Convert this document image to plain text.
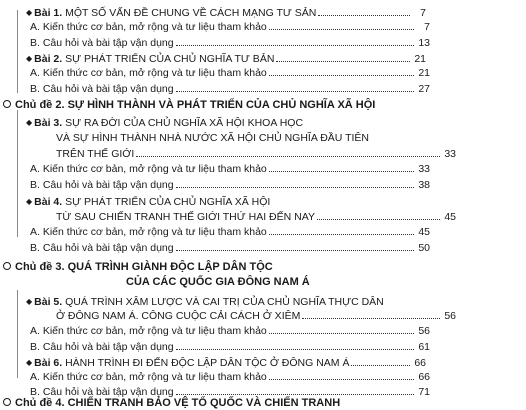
◆ Bài 1. MỘT SỐ VẤN ĐỀ CHUNG VỀ CÁCH MẠNG TƯ SẢN	7
A. Kiến thức cơ bản, mở rộng và tư liệu tham khảo	7
B. Câu hỏi và bài tập vận dụng	13
◆ Bài 2. SỰ PHÁT TRIỂN CỦA CHỦ NGHĨA TƯ BẢN	21
A. Kiến thức cơ bản, mở rộng và tư liệu tham khảo	21
B. Câu hỏi và bài tập vận dụng	27
Chủ đề 2. SỰ HÌNH THÀNH VÀ PHÁT TRIỂN CỦA CHỦ NGHĨA XÃ HỘI
◆ Bài 3. SỰ RA ĐỜI CỦA CHỦ NGHĨA XÃ HỘI KHOA HỌC
VÀ SỰ HÌNH THÀNH NHÀ NƯỚC XÃ HỘI CHỦ NGHĨA ĐẦU TIÊN
TRÊN THẾ GIỚI	33
A. Kiến thức cơ bản, mở rộng và tư liệu tham khảo	33
B. Câu hỏi và bài tập vận dụng	38
◆ Bài 4. SỰ PHÁT TRIỂN CỦA CHỦ NGHĨA XÃ HỘI
TỪ SAU CHIẾN TRANH THẾ GIỚI THỨ HAI ĐẾN NAY	45
A. Kiến thức cơ bản, mở rộng và tư liệu tham khảo	45
B. Câu hỏi và bài tập vận dụng	50
Chủ đề 3. QUÁ TRÌNH GIÀNH ĐỘC LẬP DÂN TỘC
CỦA CÁC QUỐC GIA ĐÔNG NAM Á
◆ Bài 5. QUÁ TRÌNH XÂM LƯỢC VÀ CAI TRỊ CỦA CHỦ NGHĨA THỰC DÂN
Ở ĐÔNG NAM Á. CÔNG CUỘC CẢI CÁCH Ở XIÊM	56
A. Kiến thức cơ bản, mở rộng và tư liệu tham khảo	56
B. Câu hỏi và bài tập vận dụng	61
◆ Bài 6. HÀNH TRÌNH ĐI ĐẾN ĐỘC LẬP DÂN TỘC Ở ĐÔNG NAM Á	66
A. Kiến thức cơ bản, mở rộng và tư liệu tham khảo	66
B. Câu hỏi và bài tập vận dụng	71
Chủ đề 4. CHIẾN TRANH BẢO VỆ TỔ QUỐC VÀ CHIẾN TRANH
